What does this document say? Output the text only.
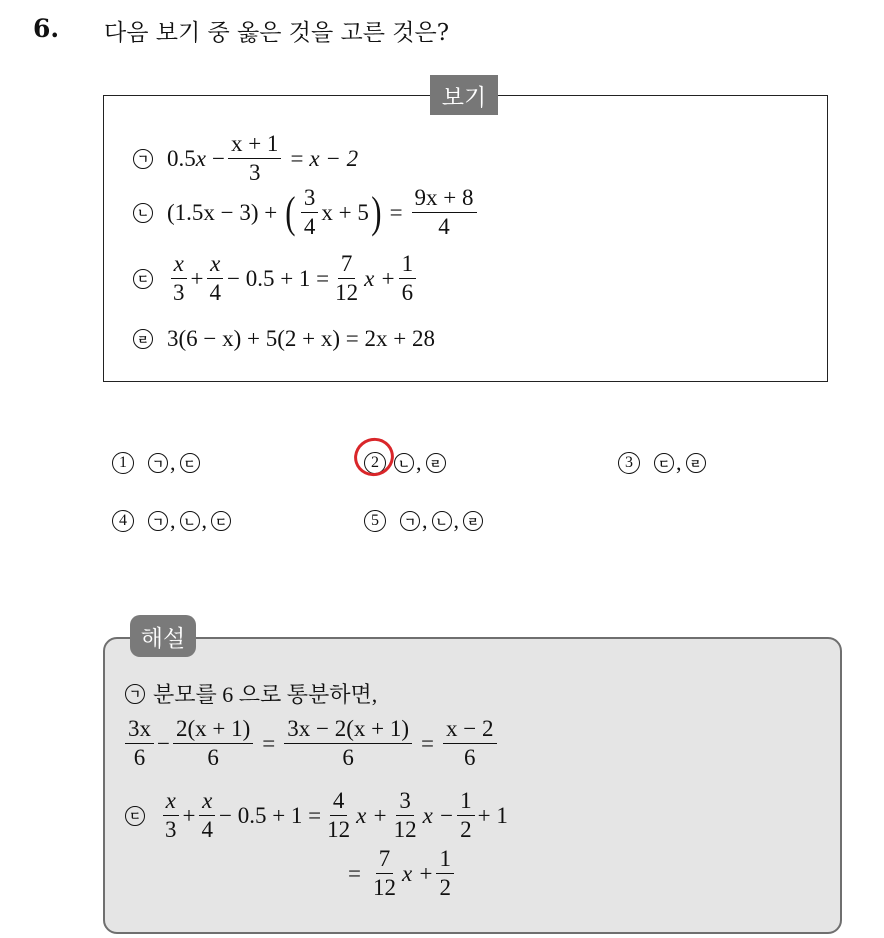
6. 다음 보기 중 옳은 것을 고른 것은?
보기
ㄱ 0.5 $x - \frac{x + 1}{3} = x - 2$
ㄴ (1.5x − 3) + ( $\frac{3}{4}$ x + 5 ) = $\frac{9x + 8}{4}$
ㄷ $\frac{x}{3} + \frac{x}{4} - 0.5 + 1 = \frac{7}{12}$ $x + \frac{1}{6}$
ㄹ 3(6 − x) + 5(2 + x) = 2x + 28
1	ㄱ , ㄷ	2	ㄴ , ㄹ	3	ㄷ , ㄹ
4	ㄱ , ㄴ , ㄷ	5	ㄱ , ㄴ , ㄹ
해설
ㄱ 분모를 6 으로 통분하면,
$\frac{3x}{6} - \frac{2(x + 1)}{6} = \frac{3x - 2(x + 1)}{6} = \frac{x - 2}{6}$
ㄷ $\frac{x}{3} + \frac{x}{4} - 0.5 + 1 = \frac{4}{12}$ $x + \frac{3}{12}$ $x - \frac{1}{2} + 1$
= $\frac{7}{12}$ $x + \frac{1}{2}$
